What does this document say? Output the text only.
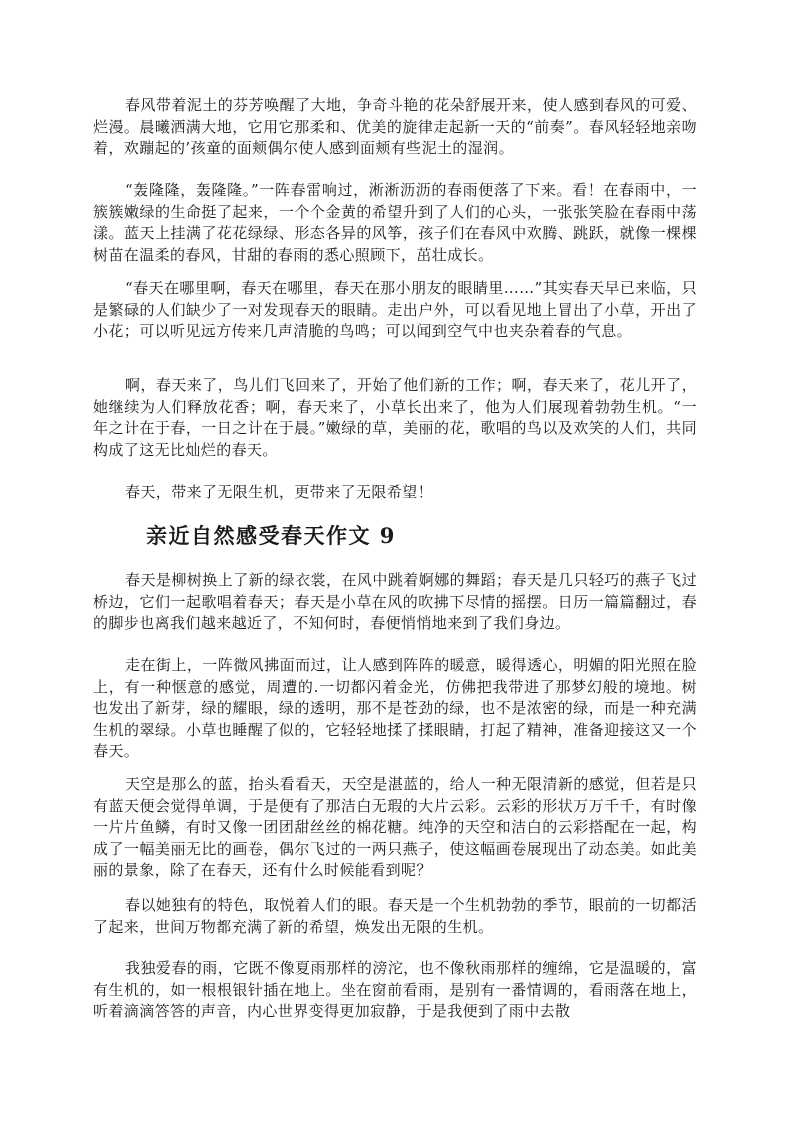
春风带着泥土的芬芳唤醒了大地，争奇斗艳的花朵舒展开来，使人感到春风的可爱、烂漫。晨曦洒满大地，它用它那柔和、优美的旋律走起新一天的“前奏”。春风轻轻地亲吻着，欢蹦起的’孩童的面颊偶尔使人感到面颊有些泥土的湿润。

“轰隆隆，轰隆隆。”一阵春雷响过，淅淅沥沥的春雨便落了下来。看！在春雨中，一簇簇嫩绿的生命挺了起来，一个个金黄的希望升到了人们的心头，一张张笑脸在春雨中荡漾。蓝天上挂满了花花绿绿、形态各异的风筝，孩子们在春风中欢腾、跳跃，就像一棵棵树苗在温柔的春风，甘甜的春雨的悉心照顾下，茁壮成长。

“春天在哪里啊，春天在哪里，春天在那小朋友的眼睛里……”其实春天早已来临，只是繁碌的人们缺少了一对发现春天的眼睛。走出户外，可以看见地上冒出了小草，开出了小花；可以听见远方传来几声清脆的鸟鸣；可以闻到空气中也夹杂着春的气息。

啊，春天来了，鸟儿们飞回来了，开始了他们新的工作；啊，春天来了，花儿开了，她继续为人们释放花香；啊，春天来了，小草长出来了，他为人们展现着勃勃生机。“一年之计在于春，一日之计在于晨。”嫩绿的草，美丽的花，歌唱的鸟以及欢笑的人们，共同构成了这无比灿烂的春天。

春天，带来了无限生机，更带来了无限希望！

亲近自然感受春天作文 9

春天是柳树换上了新的绿衣裳，在风中跳着婀娜的舞蹈；春天是几只轻巧的燕子飞过桥边，它们一起歌唱着春天；春天是小草在风的吹拂下尽情的摇摆。日历一篇篇翻过，春的脚步也离我们越来越近了，不知何时，春便悄悄地来到了我们身边。

走在街上，一阵微风拂面而过，让人感到阵阵的暖意，暖得透心，明媚的阳光照在脸上，有一种惬意的感觉，周遭的.一切都闪着金光，仿佛把我带进了那梦幻般的境地。树也发出了新芽，绿的耀眼，绿的透明，那不是苍劲的绿，也不是浓密的绿，而是一种充满生机的翠绿。小草也睡醒了似的，它轻轻地揉了揉眼睛，打起了精神，准备迎接这又一个春天。

天空是那么的蓝，抬头看看天，天空是湛蓝的，给人一种无限清新的感觉，但若是只有蓝天便会觉得单调，于是便有了那洁白无瑕的大片云彩。云彩的形状万万千千，有时像一片片鱼鳞，有时又像一团团甜丝丝的棉花糖。纯净的天空和洁白的云彩搭配在一起，构成了一幅美丽无比的画卷，偶尔飞过的一两只燕子，使这幅画卷展现出了动态美。如此美丽的景象，除了在春天，还有什么时候能看到呢？

春以她独有的特色，取悦着人们的眼。春天是一个生机勃勃的季节，眼前的一切都活了起来，世间万物都充满了新的希望，焕发出无限的生机。

我独爱春的雨，它既不像夏雨那样的滂沱，也不像秋雨那样的缠绵，它是温暖的，富有生机的，如一根根银针插在地上。坐在窗前看雨，是别有一番情调的，看雨落在地上，听着滴滴答答的声音，内心世界变得更加寂静，于是我便到了雨中去散
